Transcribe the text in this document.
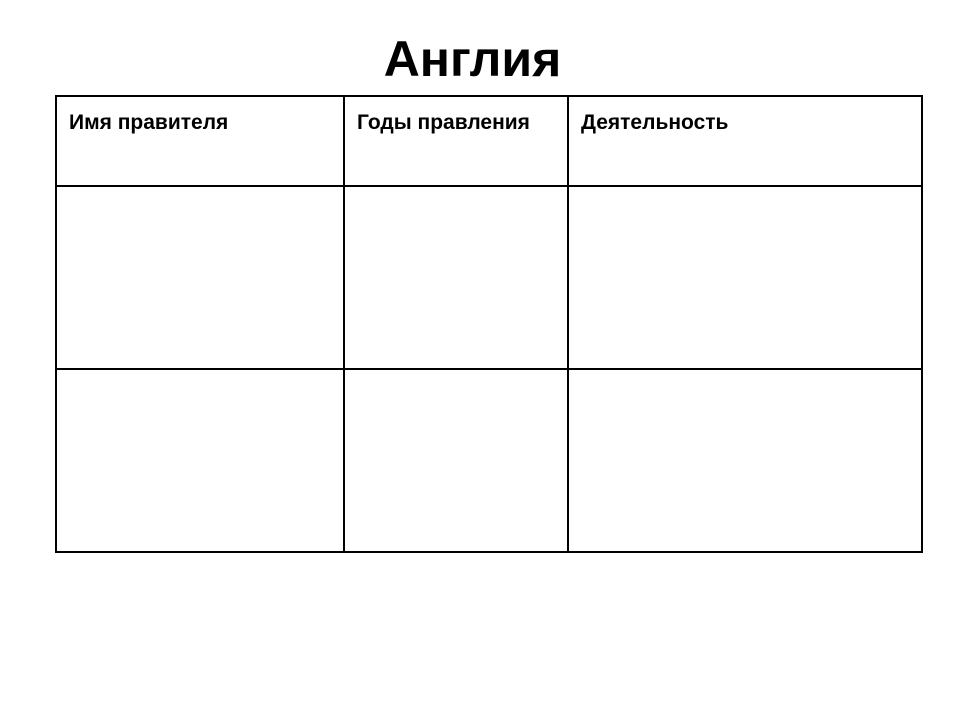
Англия
Имя правителя	Годы правления	Деятельность
